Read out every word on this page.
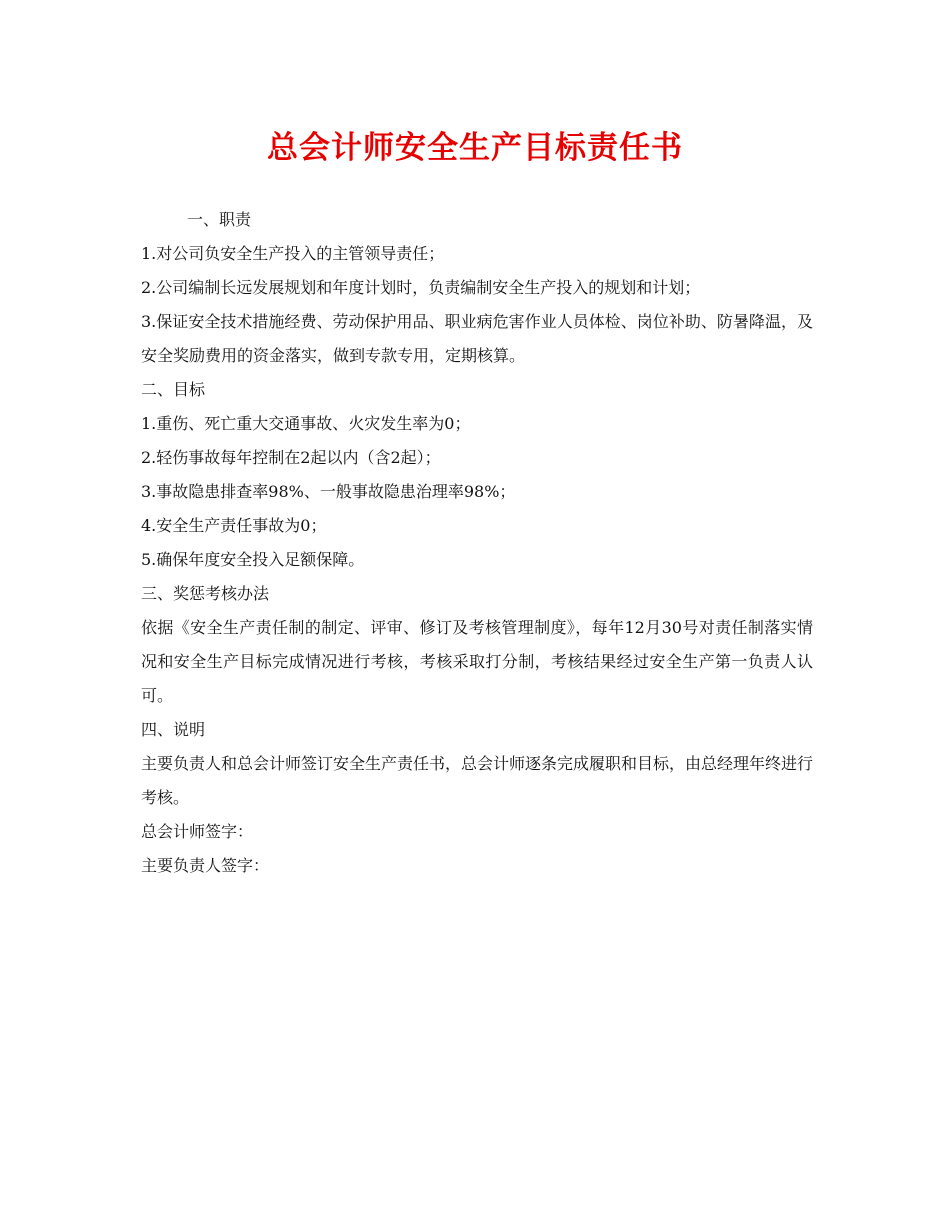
总会计师安全生产目标责任书
一、职责
1.对公司负安全生产投入的主管领导责任；
2.公司编制长远发展规划和年度计划时，负责编制安全生产投入的规划和计划；
3.保证安全技术措施经费、劳动保护用品、职业病危害作业人员体检、岗位补助、防暑降温，及安全奖励费用的资金落实，做到专款专用，定期核算。
二、目标
1.重伤、死亡重大交通事故、火灾发生率为0；
2.轻伤事故每年控制在2起以内（含2起）；
3.事故隐患排查率98%、一般事故隐患治理率98%；
4.安全生产责任事故为0；
5.确保年度安全投入足额保障。
三、奖惩考核办法
依据《安全生产责任制的制定、评审、修订及考核管理制度》，每年12月30号对责任制落实情况和安全生产目标完成情况进行考核，考核采取打分制，考核结果经过安全生产第一负责人认可。
四、说明
主要负责人和总会计师签订安全生产责任书，总会计师逐条完成履职和目标，由总经理年终进行考核。
总会计师签字：
主要负责人签字：
